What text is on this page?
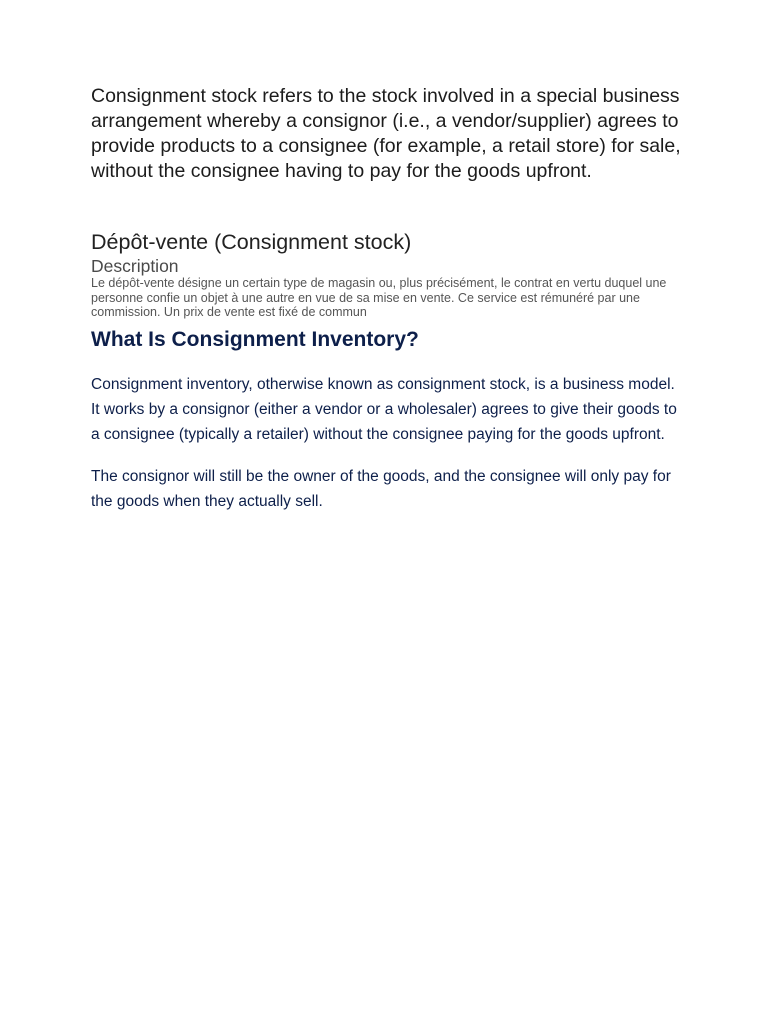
Consignment stock refers to the stock involved in a special business arrangement whereby a consignor (i.e., a vendor/supplier) agrees to provide products to a consignee (for example, a retail store) for sale, without the consignee having to pay for the goods upfront.

Dépôt-vente (Consignment stock)
Description

Le dépôt-vente désigne un certain type de magasin ou, plus précisément, le contrat en vertu duquel une personne confie un objet à une autre en vue de sa mise en vente. Ce service est rémunéré par une commission. Un prix de vente est fixé de commun

What Is Consignment Inventory?

Consignment inventory, otherwise known as consignment stock, is a business model. It works by a consignor (either a vendor or a wholesaler) agrees to give their goods to a consignee (typically a retailer) without the consignee paying for the goods upfront.

The consignor will still be the owner of the goods, and the consignee will only pay for the goods when they actually sell.
